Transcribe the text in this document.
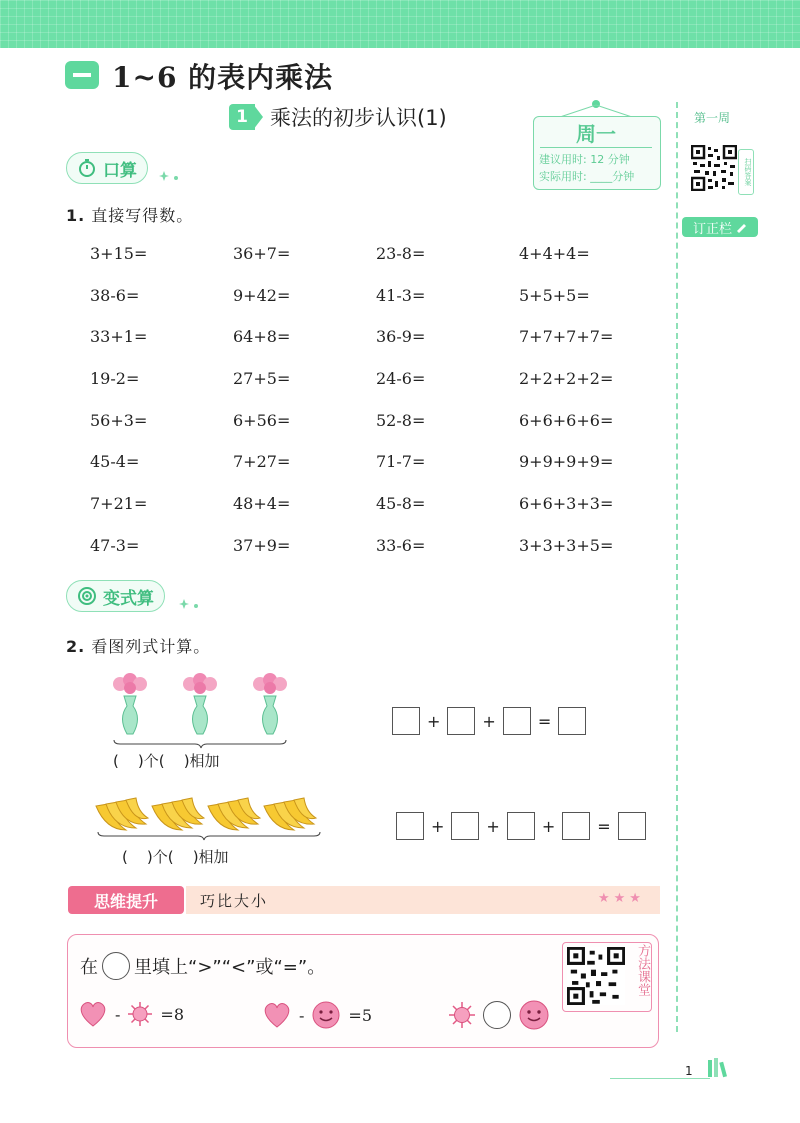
1~6 的表内乘法
1	乘法的初步认识(1)
周一
建议用时: 12 分钟
实际用时: ____分钟
第一周
扫码答案
订正栏
口算
1. 直接写得数。
3+15=	36+7=	23-8=	4+4+4=
38-6=	9+42=	41-3=	5+5+5=
33+1=	64+8=	36-9=	7+7+7+7=
19-2=	27+5=	24-6=	2+2+2+2=
56+3=	6+56=	52-8=	6+6+6+6=
45-4=	7+27=	71-7=	9+9+9+9=
7+21=	48+4=	45-8=	6+6+3+3=
47-3=	37+9=	33-6=	3+3+3+5=
变式算
2. 看图列式计算。
(    )个(    )相加
+	+	=
(    )个(    )相加
+	+	+	=
思维提升	巧比大小	★★★
在 里填上“>”“<”或“=”。	方法课堂
-	=8	-	=5
1
